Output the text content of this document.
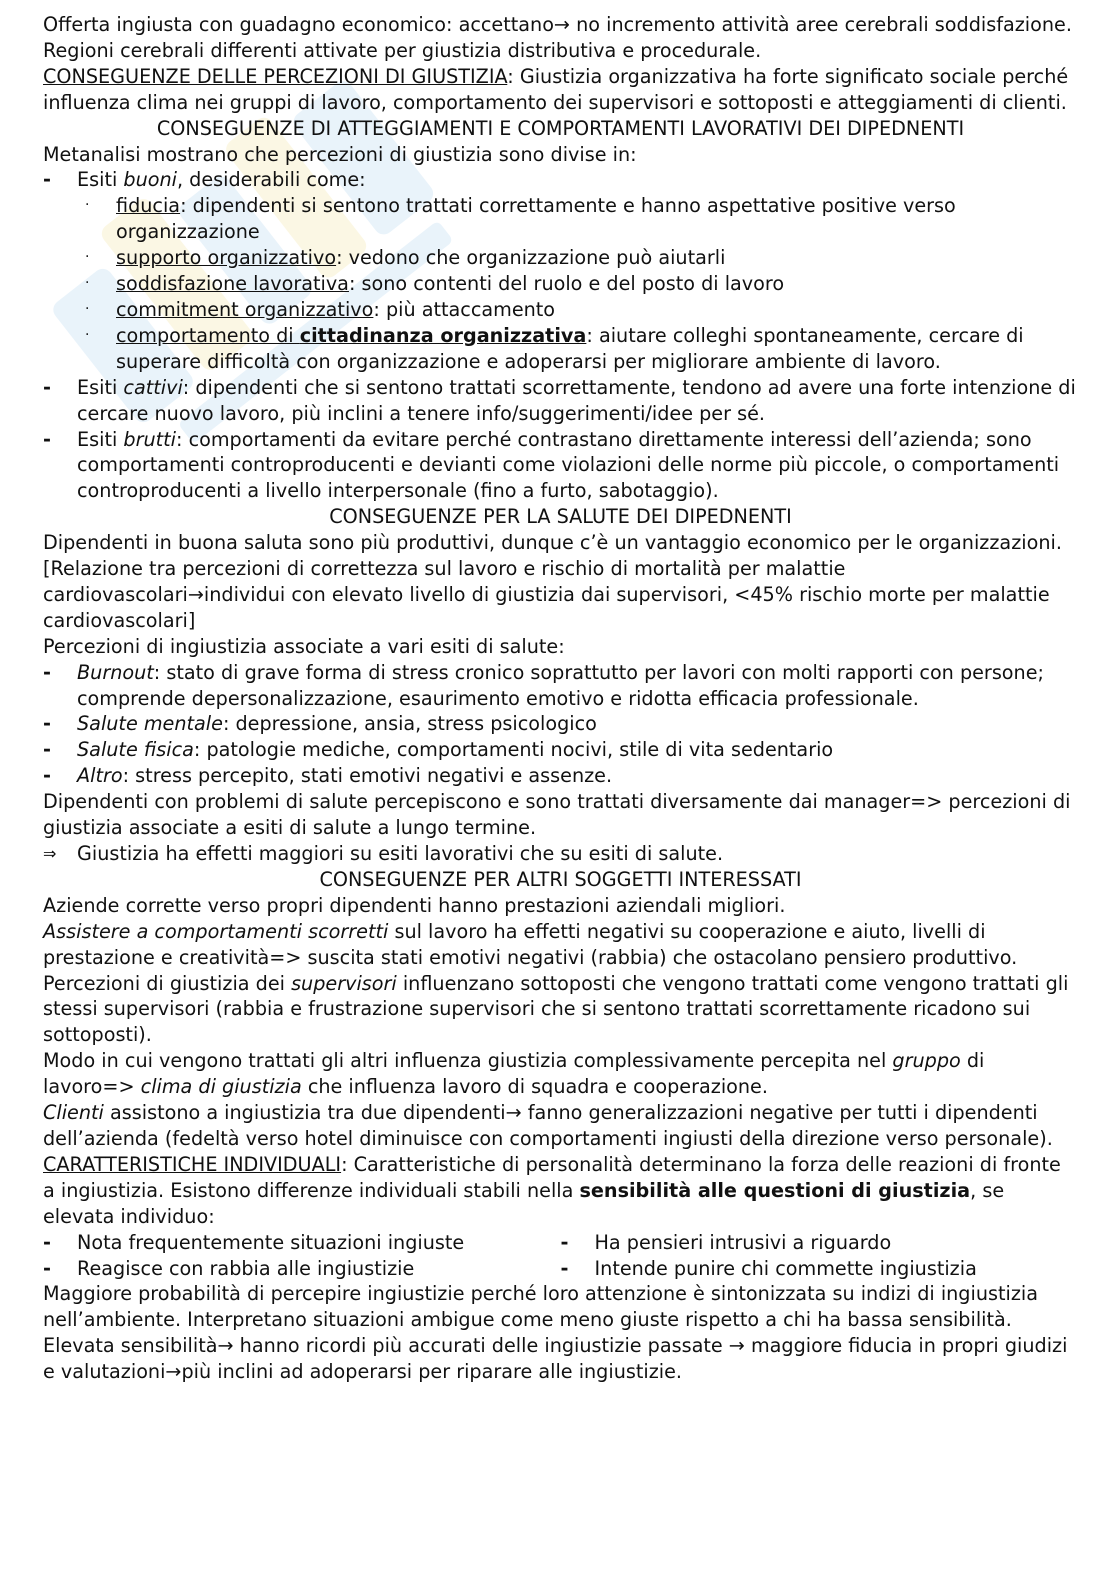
Offerta ingiusta con guadagno economico: accettano→ no incremento attività aree cerebrali soddisfazione.

Regioni cerebrali differenti attivate per giustizia distributiva e procedurale.

CONSEGUENZE DELLE PERCEZIONI DI GIUSTIZIA: Giustizia organizzativa ha forte significato sociale perché influenza clima nei gruppi di lavoro, comportamento dei supervisori e sottoposti e atteggiamenti di clienti.

CONSEGUENZE DI ATTEGGIAMENTI E COMPORTAMENTI LAVORATIVI DEI DIPEDNENTI

Metanalisi mostrano che percezioni di giustizia sono divise in:

- Esiti buoni, desiderabili come:
· fiducia: dipendenti si sentono trattati correttamente e hanno aspettative positive verso organizzazione
· supporto organizzativo: vedono che organizzazione può aiutarli
· soddisfazione lavorativa: sono contenti del ruolo e del posto di lavoro
· commitment organizzativo: più attaccamento
· comportamento di cittadinanza organizzativa: aiutare colleghi spontaneamente, cercare di superare difficoltà con organizzazione e adoperarsi per migliorare ambiente di lavoro.
- Esiti cattivi: dipendenti che si sentono trattati scorrettamente, tendono ad avere una forte intenzione di cercare nuovo lavoro, più inclini a tenere info/suggerimenti/idee per sé.
- Esiti brutti: comportamenti da evitare perché contrastano direttamente interessi dell’azienda; sono comportamenti controproducenti e devianti come violazioni delle norme più piccole, o comportamenti controproducenti a livello interpersonale (fino a furto, sabotaggio).

CONSEGUENZE PER LA SALUTE DEI DIPEDNENTI

Dipendenti in buona saluta sono più produttivi, dunque c’è un vantaggio economico per le organizzazioni.

[Relazione tra percezioni di correttezza sul lavoro e rischio di mortalità per malattie cardiovascolari→individui con elevato livello di giustizia dai supervisori, <45% rischio morte per malattie cardiovascolari]

Percezioni di ingiustizia associate a vari esiti di salute:

- Burnout: stato di grave forma di stress cronico soprattutto per lavori con molti rapporti con persone; comprende depersonalizzazione, esaurimento emotivo e ridotta efficacia professionale.
- Salute mentale: depressione, ansia, stress psicologico
- Salute fisica: patologie mediche, comportamenti nocivi, stile di vita sedentario
- Altro: stress percepito, stati emotivi negativi e assenze.

Dipendenti con problemi di salute percepiscono e sono trattati diversamente dai manager=> percezioni di giustizia associate a esiti di salute a lungo termine.

⇒ Giustizia ha effetti maggiori su esiti lavorativi che su esiti di salute.

CONSEGUENZE PER ALTRI SOGGETTI INTERESSATI

Aziende corrette verso propri dipendenti hanno prestazioni aziendali migliori.

Assistere a comportamenti scorretti sul lavoro ha effetti negativi su cooperazione e aiuto, livelli di prestazione e creatività=> suscita stati emotivi negativi (rabbia) che ostacolano pensiero produttivo.

Percezioni di giustizia dei supervisori influenzano sottoposti che vengono trattati come vengono trattati gli stessi supervisori (rabbia e frustrazione supervisori che si sentono trattati scorrettamente ricadono sui sottoposti).

Modo in cui vengono trattati gli altri influenza giustizia complessivamente percepita nel gruppo di lavoro=> clima di giustizia che influenza lavoro di squadra e cooperazione.

Clienti assistono a ingiustizia tra due dipendenti→ fanno generalizzazioni negative per tutti i dipendenti dell’azienda (fedeltà verso hotel diminuisce con comportamenti ingiusti della direzione verso personale).

CARATTERISTICHE INDIVIDUALI: Caratteristiche di personalità determinano la forza delle reazioni di fronte a ingiustizia. Esistono differenze individuali stabili nella sensibilità alle questioni di giustizia, se elevata individuo:

- Nota frequentemente situazioni ingiuste
- Reagisce con rabbia alle ingiustizie
- Ha pensieri intrusivi a riguardo
- Intende punire chi commette ingiustizia

Maggiore probabilità di percepire ingiustizie perché loro attenzione è sintonizzata su indizi di ingiustizia nell’ambiente. Interpretano situazioni ambigue come meno giuste rispetto a chi ha bassa sensibilità.

Elevata sensibilità→ hanno ricordi più accurati delle ingiustizie passate → maggiore fiducia in propri giudizi e valutazioni→più inclini ad adoperarsi per riparare alle ingiustizie.
